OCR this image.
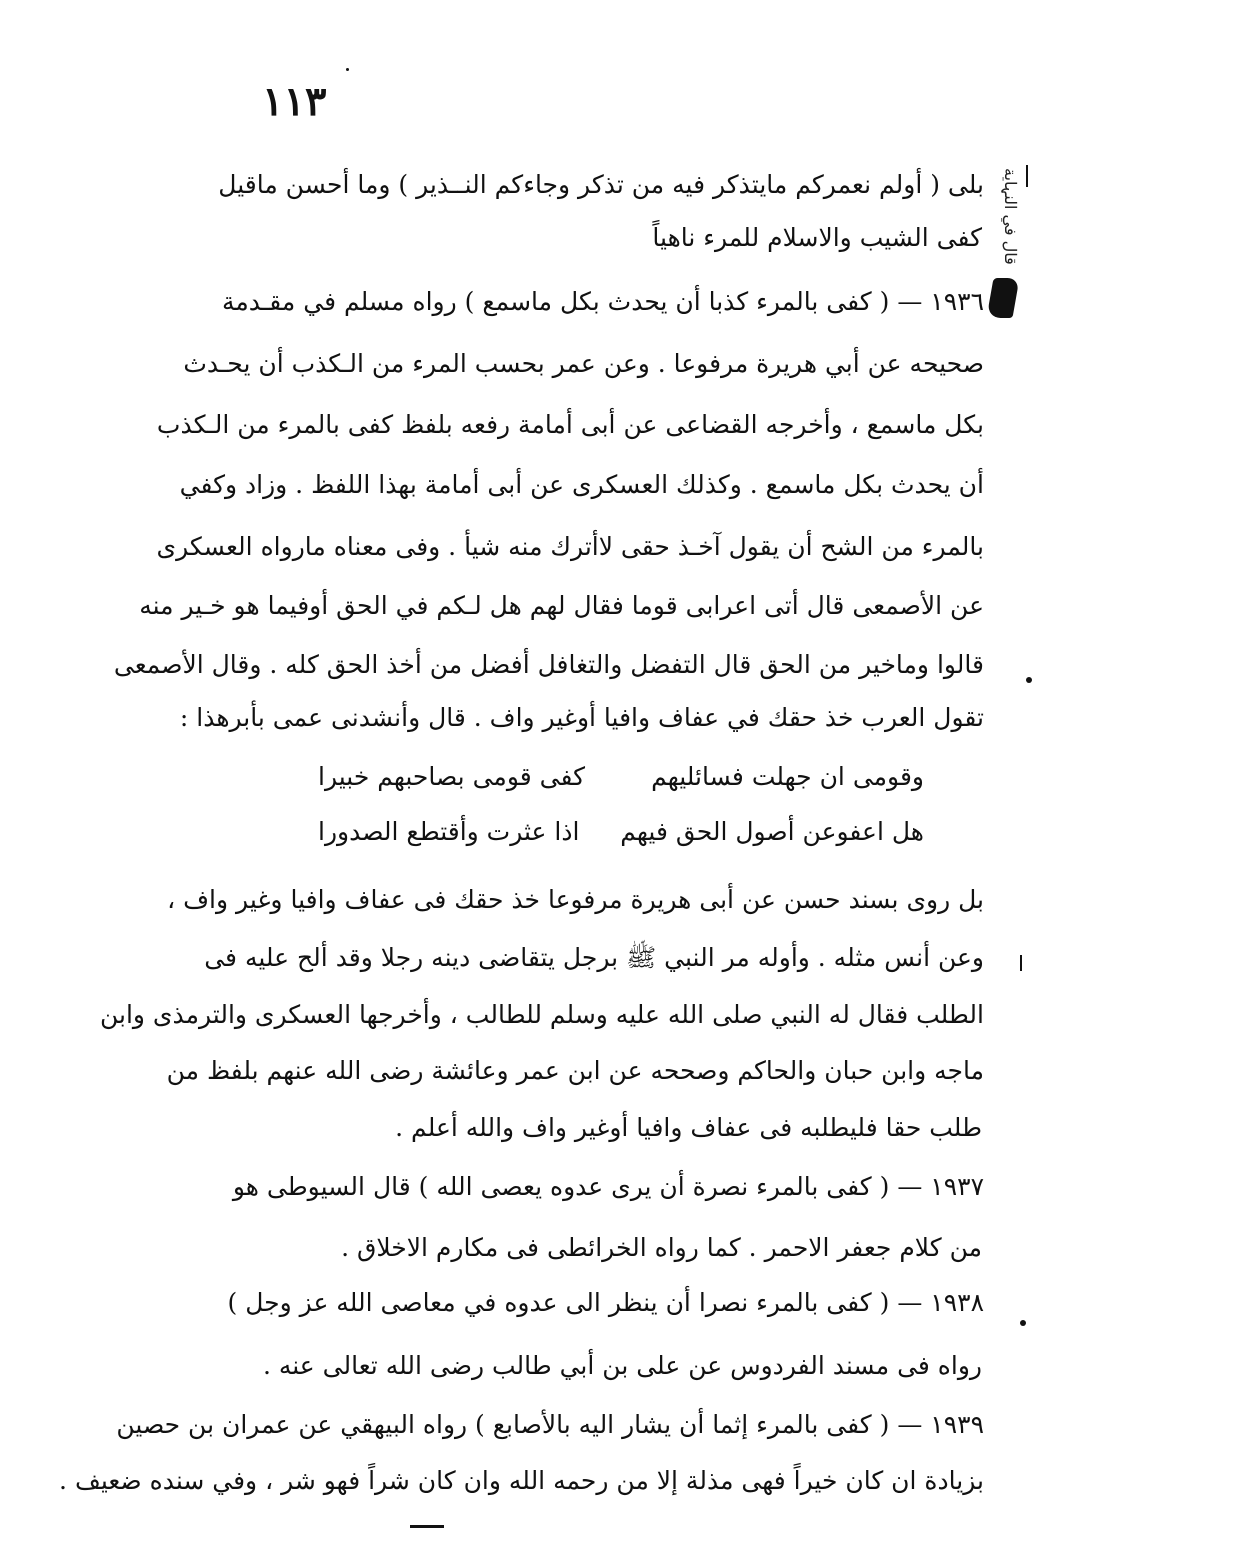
١١٣
قال في النہاية
بلى ( أولم نعمركم مايتذكر فيه من تذكر وجاءكم النــذير ) وما أحسن ماقيل
كفى الشيب والاسلام للمرء ناهياً
١٩٣٦ — ( كفى بالمرء كذبا أن يحدث بكل ماسمع ) رواه مسلم في مقـدمة
صحيحه عن أبي هريرة مرفوعا . وعن عمر بحسب المرء من الـكذب أن يحـدث
بكل ماسمع ، وأخرجه القضاعى عن أبى أمامة رفعه بلفظ كفى بالمرء من الـكذب
أن يحدث بكل ماسمع . وكذلك العسكرى عن أبى أمامة بهذا اللفظ . وزاد وكفي
بالمرء من الشح أن يقول آخـذ حقى لاأترك منه شيأ . وفى معناه مارواه العسكرى
عن الأصمعى قال أتى اعرابى قوما فقال لهم هل لـكم في الحق أوفيما هو خـير منه
قالوا وماخير من الحق قال التفضل والتغافل أفضل من أخذ الحق كله . وقال الأصمعى
تقول العرب خذ حقك في عفاف وافيا أوغير واف . قال وأنشدنى عمى بأبرهذا :
وقومى ان جهلت فسائليهم
كفى قومى بصاحبهم خبيرا
هل اعفوعن أصول الحق فيهم
اذا عثرت وأقتطع الصدورا
بل روى بسند حسن عن أبى هريرة مرفوعا خذ حقك فى عفاف وافيا وغير واف ،
وعن أنس مثله . وأوله مر النبي ﷺ برجل يتقاضى دينه رجلا وقد ألح عليه فى
الطلب فقال له النبي صلى الله عليه وسلم للطالب ، وأخرجها العسكرى والترمذى وابن
ماجه وابن حبان والحاكم وصححه عن ابن عمر وعائشة رضى الله عنهم بلفظ من
طلب حقا فليطلبه فى عفاف وافيا أوغير واف والله أعلم .
١٩٣٧ — ( كفى بالمرء نصرة أن يرى عدوه يعصى الله ) قال السيوطى هو
من كلام جعفر الاحمر . كما رواه الخرائطى فى مكارم الاخلاق .
١٩٣٨ — ( كفى بالمرء نصرا أن ينظر الى عدوه في معاصى الله عز وجل )
رواه فى مسند الفردوس عن على بن أبي طالب رضى الله تعالى عنه .
١٩٣٩ — ( كفى بالمرء إثما أن يشار اليه بالأصابع ) رواه البيهقي عن عمران بن حصين
بزيادة ان كان خيراً فهى مذلة إلا من رحمه الله وان كان شراً فهو شر ، وفي سنده ضعيف .
